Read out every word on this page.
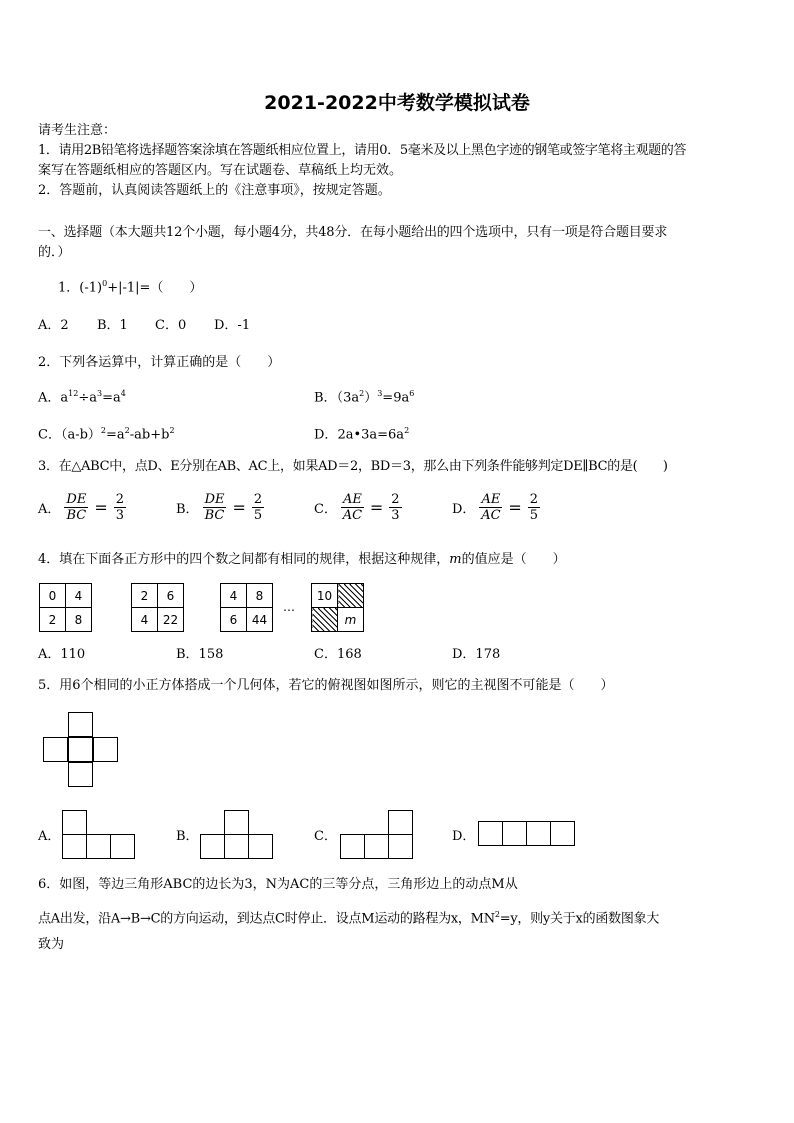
2021-2022中考数学模拟试卷
请考生注意：
1．请用2B铅笔将选择题答案涂填在答题纸相应位置上，请用0．5毫米及以上黑色字迹的钢笔或签字笔将主观题的答
案写在答题纸相应的答题区内。写在试题卷、草稿纸上均无效。
2．答题前，认真阅读答题纸上的《注意事项》，按规定答题。
一、选择题（本大题共12个小题，每小题4分，共48分．在每小题给出的四个选项中，只有一项是符合题目要求
的．）
1．$(-1)^0+|-1|=$（　　）
A．2 B．1 C．0 D．-1
2．下列各运算中，计算正确的是（　　）
A．$a^{12}\div a^3=a^4$	B．$(3a^2)^3=9a^6$
C．$(a-b)^2=a^2-ab+b^2$	D．$2a•3a=6a^2$
3．在△ABC中，点D、E分别在AB、AC上，如果AD＝2，BD＝3，那么由下列条件能够判定DE∥BC的是(　　)
A． $\frac{DE}{BC} = \frac{2}{3}$	B． $\frac{DE}{BC} = \frac{2}{5}$	C． $\frac{AE}{AC} = \frac{2}{3}$	D． $\frac{AE}{AC} = \frac{2}{5}$
4．填在下面各正方形中的四个数之间都有相同的规律，根据这种规律，m的值应是（　　）
0	4
2	8
2	6
4	22
4	8
6	44
…
10	
	m
A．110	B．158	C．168	D．178
5．用6个相同的小正方体搭成一个几何体，若它的俯视图如图所示，则它的主视图不可能是（　　）
A．	B．	C．	D．
6．如图，等边三角形ABC的边长为3，N为AC的三等分点，三角形边上的动点M从
点A出发，沿A→B→C的方向运动，到达点C时停止．设点M运动的路程为x，$MN^2=y$，则y关于x的函数图象大
致为
